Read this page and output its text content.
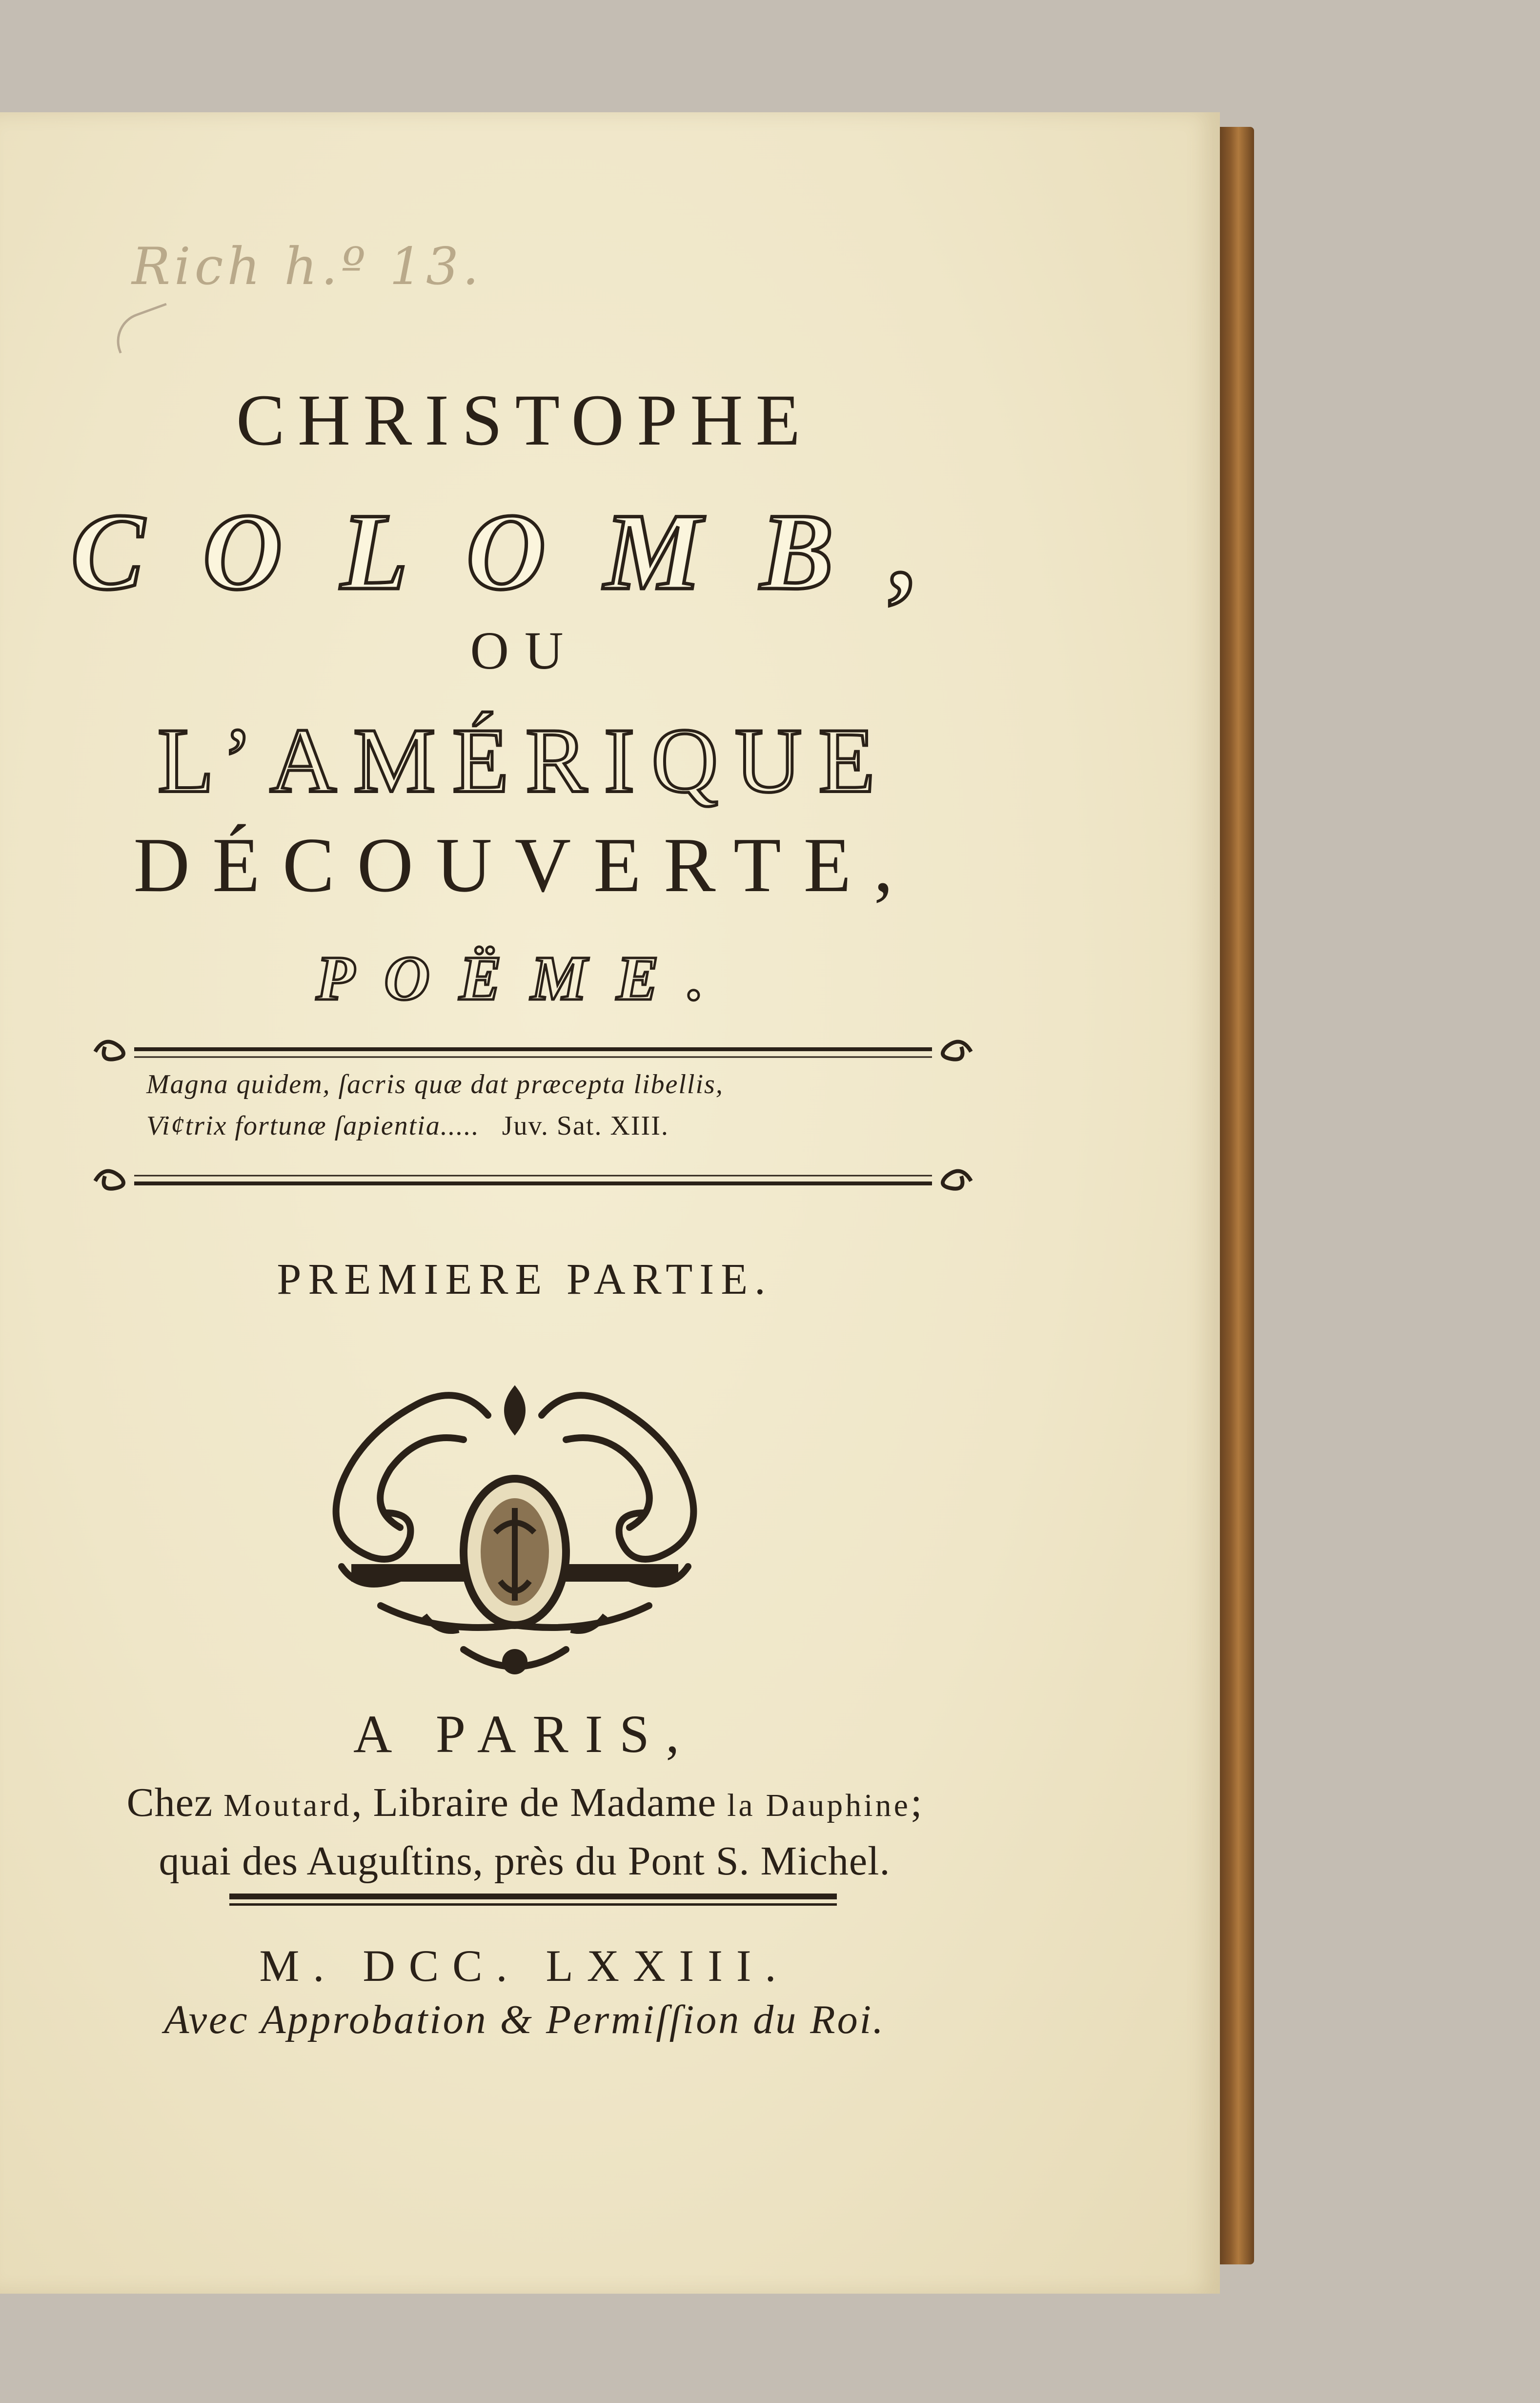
Rich h.º 13.
CHRISTOPHE
COLOMB,
OU
L’AMÉRIQUE
DÉCOUVERTE,
POËME.
Magna quidem, ſacris quæ dat præcepta libellis,
Vi¢trix fortunæ ſapientia..... Juv. Sat. XIII.
PREMIERE PARTIE.
A PARIS,
Chez Moutard, Libraire de Madame la Dauphine;
quai des Auguſtins, près du Pont S. Michel.
M. DCC. LXXIII.
Avec Approbation & Permiſſion du Roi.
